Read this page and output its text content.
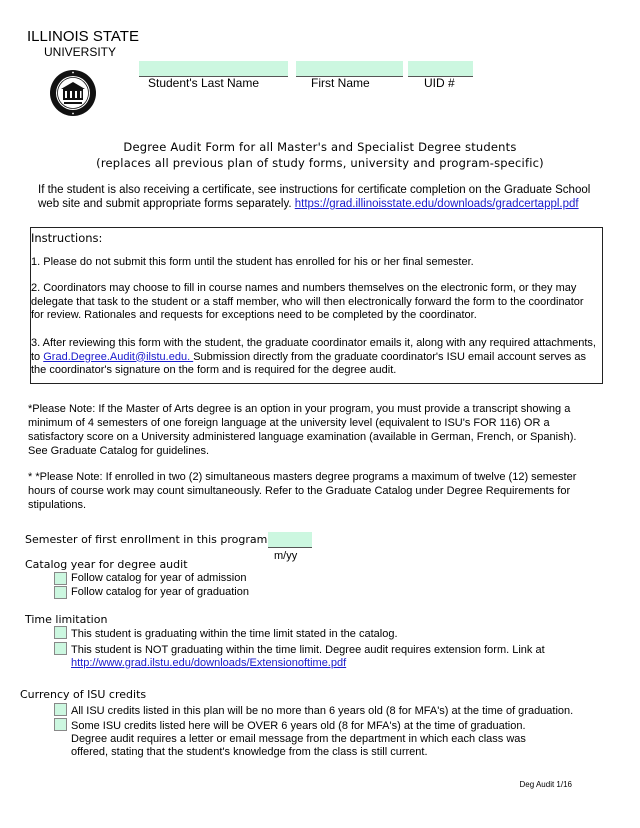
ILLINOIS STATE
UNIVERSITY
Student's Last Name	First Name	UID #
Degree Audit Form for all Master's and Specialist Degree students
(replaces all previous plan of study forms, university and program-specific)
If the student is also receiving a certificate, see instructions for certificate completion on the Graduate School web site and submit appropriate forms separately. https://grad.illinoisstate.edu/downloads/gradcertappl.pdf
Instructions:

1. Please do not submit this form until the student has enrolled for his or her final semester.

2. Coordinators may choose to fill in course names and numbers themselves on the electronic form, or they may delegate that task to the student or a staff member, who will then electronically forward the form to the coordinator for review. Rationales and requests for exceptions need to be completed by the coordinator.

3. After reviewing this form with the student, the graduate coordinator emails it, along with any required attachments, to Grad.Degree.Audit@ilstu.edu. Submission directly from the graduate coordinator's ISU email account serves as the coordinator's signature on the form and is required for the degree audit.

*Please Note: If the Master of Arts degree is an option in your program, you must provide a transcript showing a minimum of 4 semesters of one foreign language at the university level (equivalent to ISU's FOR 116) OR a satisfactory score on a University administered language examination (available in German, French, or Spanish). See Graduate Catalog for guidelines.

* *Please Note: If enrolled in two (2) simultaneous masters degree programs a maximum of twelve (12) semester hours of course work may count simultaneously. Refer to the Graduate Catalog under Degree Requirements for stipulations.

Semester of first enrollment in this program
m/yy
Catalog year for degree audit
Follow catalog for year of admission
Follow catalog for year of graduation
Time limitation
This student is graduating within the time limit stated in the catalog.
This student is NOT graduating within the time limit. Degree audit requires extension form. Link at
http://www.grad.ilstu.edu/downloads/Extensionoftime.pdf
Currency of ISU credits
All ISU credits listed in this plan will be no more than 6 years old (8 for MFA's) at the time of graduation.
Some ISU credits listed here will be OVER 6 years old (8 for MFA's) at the time of graduation. Degree audit requires a letter or email message from the department in which each class was offered, stating that the student's knowledge from the class is still current.
Deg Audit 1/16
